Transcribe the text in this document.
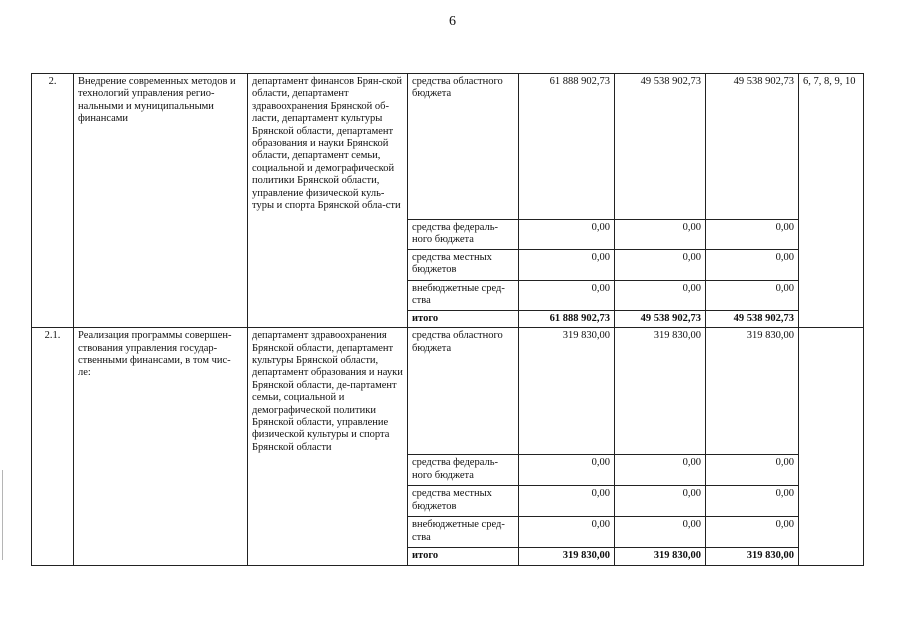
6
2.	Внедрение современных методов и технологий управления регио-нальными и муниципальными финансами	департамент финансов Брян-ской области, департамент здравоохранения Брянской об-ласти, департамент культуры Брянской области, департамент образования и науки Брянской области, департамент семьи, социальной и демографической политики Брянской области, управление физической куль-туры и спорта Брянской обла-сти	средства областного бюджета	61 888 902,73	49 538 902,73	49 538 902,73	6, 7, 8, 9, 10
			средства федераль-ного бюджета	0,00	0,00	0,00	
			средства местных бюджетов	0,00	0,00	0,00	
			внебюджетные сред-ства	0,00	0,00	0,00	
			итого	61 888 902,73	49 538 902,73	49 538 902,73	
2.1.	Реализация программы совершен-ствования управления государ-ственными финансами, в том чис-ле:	департамент здравоохранения Брянской области, департамент культуры Брянской области, департамент образования и науки Брянской области, де-партамент семьи, социальной и демографической политики Брянской области, управление физической культуры и спорта Брянской области	средства областного бюджета	319 830,00	319 830,00	319 830,00	
			средства федераль-ного бюджета	0,00	0,00	0,00	
			средства местных бюджетов	0,00	0,00	0,00	
			внебюджетные сред-ства	0,00	0,00	0,00	
			итого	319 830,00	319 830,00	319 830,00	
